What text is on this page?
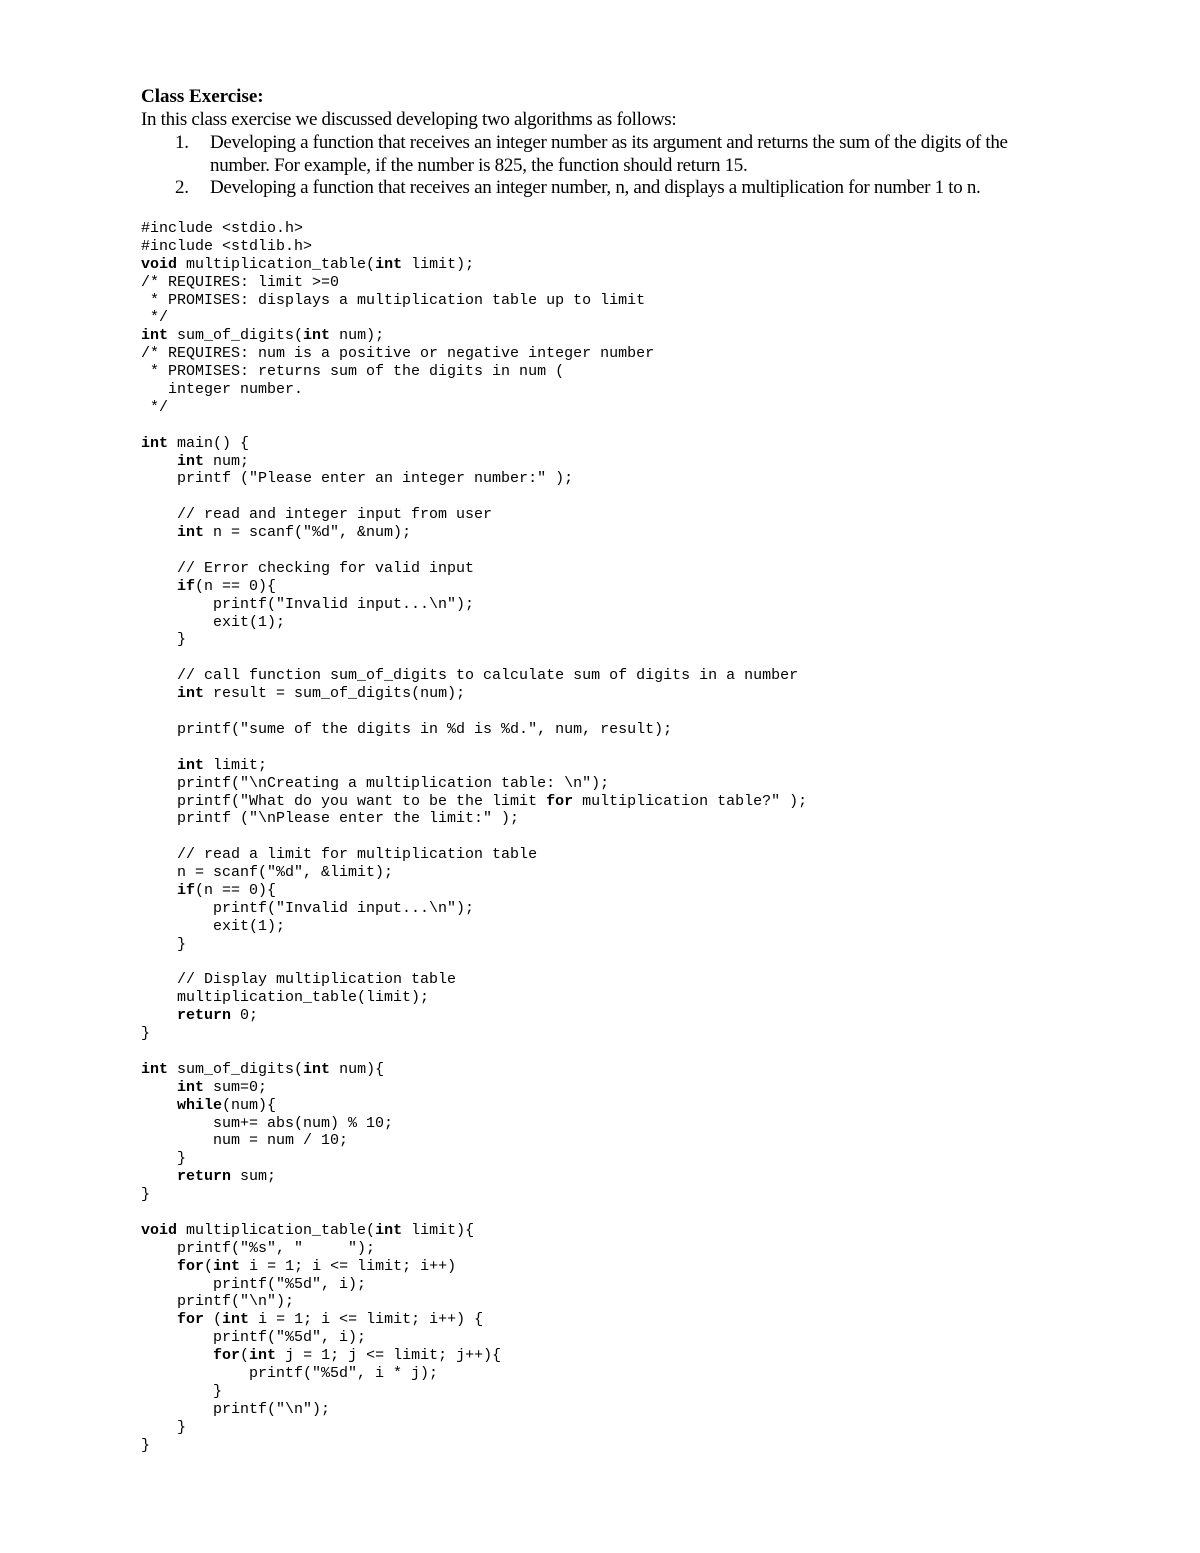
Class Exercise:
In this class exercise we discussed developing two algorithms as follows:
1. Developing a function that receives an integer number as its argument and returns the sum of the digits of the number. For example, if the number is 825, the function should return 15.
2. Developing a function that receives an integer number, n, and displays a multiplication for number 1 to n.
#include <stdio.h>
#include <stdlib.h>
void multiplication_table(int limit);
/* REQUIRES: limit >=0
* PROMISES: displays a multiplication table up to limit
*/
int sum_of_digits(int num);
/* REQUIRES: num is a positive or negative integer number
* PROMISES: returns sum of the digits in num (
integer number.
*/

int main() {
int num;
printf ("Please enter an integer number:" );

// read and integer input from user
int n = scanf("%d", &num);

// Error checking for valid input
if(n == 0){
printf("Invalid input...\n");
exit(1);
}

// call function sum_of_digits to calculate sum of digits in a number
int result = sum_of_digits(num);

printf("sume of the digits in %d is %d.", num, result);

int limit;
printf("\nCreating a multiplication table: \n");
printf("What do you want to be the limit for multiplication table?" );
printf ("\nPlease enter the limit:" );

// read a limit for multiplication table
n = scanf("%d", &limit);
if(n == 0){
printf("Invalid input...\n");
exit(1);
}

// Display multiplication table
multiplication_table(limit);
return 0;
}

int sum_of_digits(int num){
int sum=0;
while(num){
sum+= abs(num) % 10;
num = num / 10;
}
return sum;
}

void multiplication_table(int limit){
printf("%s", "     ");
for(int i = 1; i <= limit; i++)
printf("%5d", i);
printf("\n");
for (int i = 1; i <= limit; i++) {
printf("%5d", i);
for(int j = 1; j <= limit; j++){
printf("%5d", i * j);
}
printf("\n");
}
}
